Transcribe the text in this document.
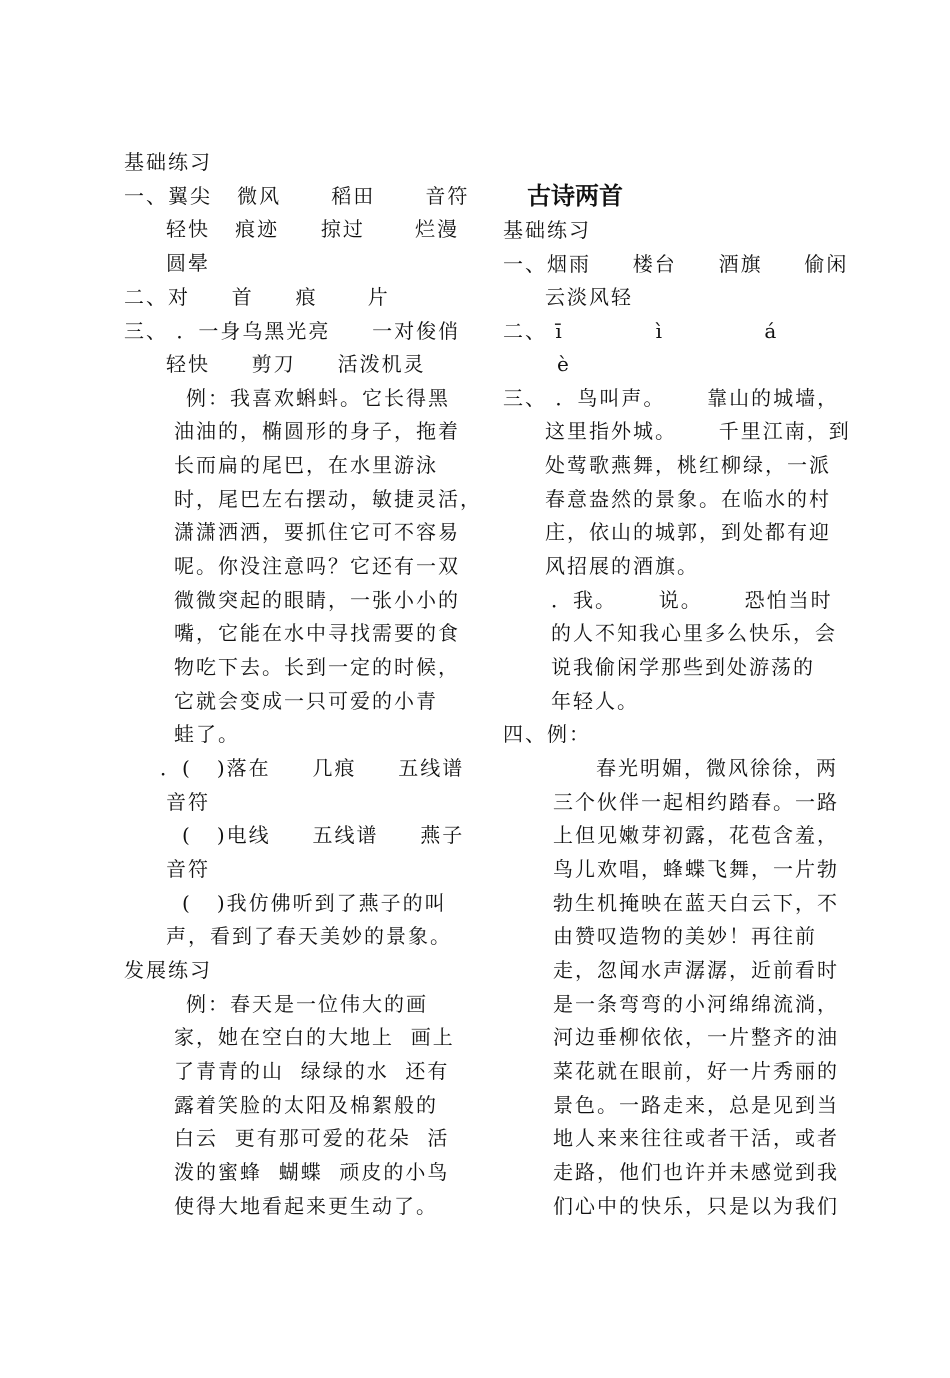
基础练习
一、翼尖   微风      稻田      音符
轻快   痕迹     掠过      烂漫
圆晕
二、对     首     痕      片
三、 ．一身乌黑光亮     一对俊俏
轻快     剪刀     活泼机灵
例：我喜欢蝌蚪。它长得黑
油油的，椭圆形的身子，拖着
长而扁的尾巴，在水里游泳
时，尾巴左右摆动，敏捷灵活，
潇潇洒洒，要抓住它可不容易
呢。你没注意吗？它还有一双
微微突起的眼睛，一张小小的
嘴，它能在水中寻找需要的食
物吃下去。长到一定的时候，
它就会变成一只可爱的小青
蛙了。
．(   )落在     几痕     五线谱
音符
(   )电线     五线谱     燕子
音符
(   )我仿佛听到了燕子的叫
声，看到了春天美妙的景象。
发展练习
例：春天是一位伟大的画
家，她在空白的大地上  画上
了青青的山  绿绿的水  还有
露着笑脸的太阳及棉絮般的
白云  更有那可爱的花朵  活
泼的蜜蜂  蝴蝶  顽皮的小鸟
使得大地看起来更生动了。
古诗两首
基础练习
一、烟雨     楼台     酒旗     偷闲
云淡风轻
二、 ī           ì            á
è
三、 ．鸟叫声。     靠山的城墙，
这里指外城。     千里江南，到
处莺歌燕舞，桃红柳绿，一派
春意盎然的景象。在临水的村
庄，依山的城郭，到处都有迎
风招展的酒旗。
．我。     说。     恐怕当时
的人不知我心里多么快乐，会
说我偷闲学那些到处游荡的
年轻人。
四、例：
春光明媚，微风徐徐，两
三个伙伴一起相约踏春。一路
上但见嫩芽初露，花苞含羞，
鸟儿欢唱，蜂蝶飞舞，一片勃
勃生机掩映在蓝天白云下，不
由赞叹造物的美妙！再往前
走，忽闻水声潺潺，近前看时
是一条弯弯的小河绵绵流淌，
河边垂柳依依，一片整齐的油
菜花就在眼前，好一片秀丽的
景色。一路走来，总是见到当
地人来来往往或者干活，或者
走路，他们也许并未感觉到我
们心中的快乐，只是以为我们
